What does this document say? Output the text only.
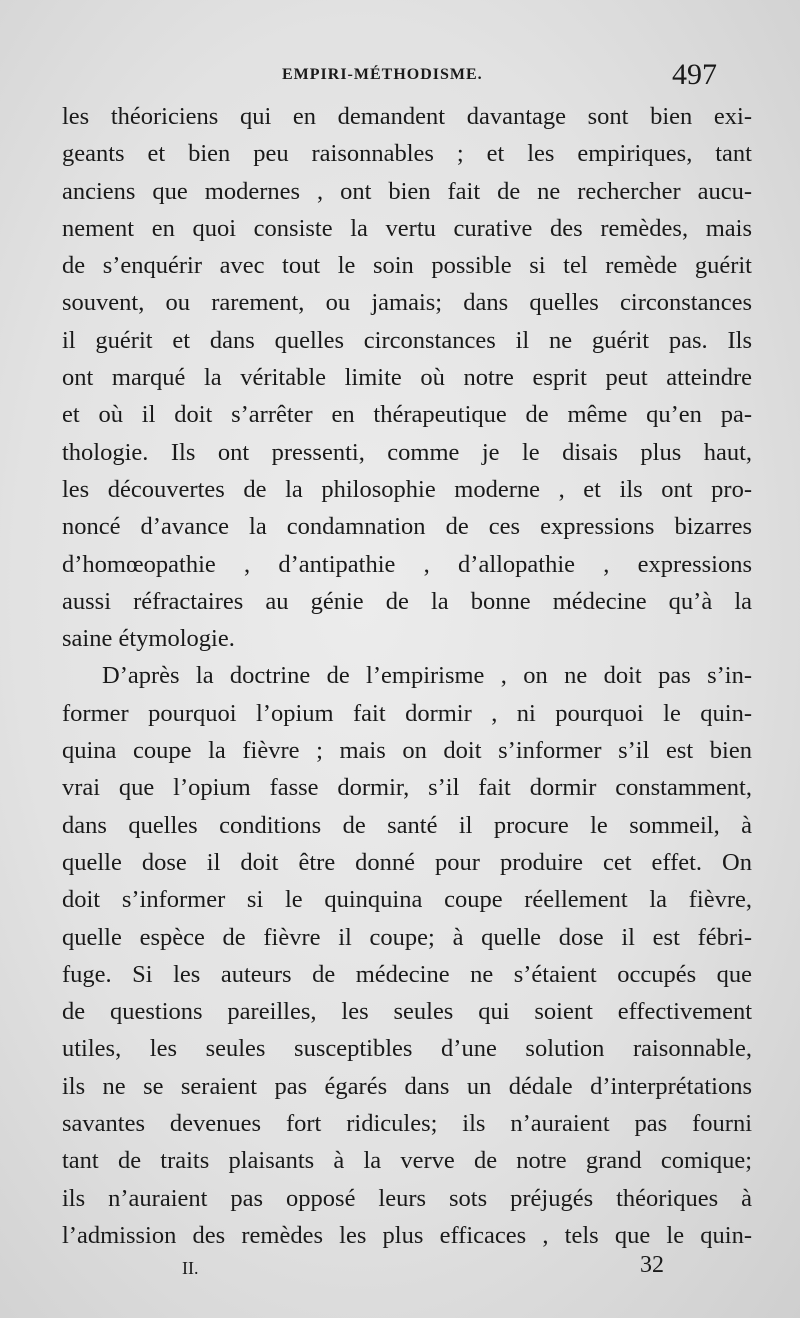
EMPIRI-MÉTHODISME.	497
les théoriciens qui en demandent davantage sont bien exi-
geants et bien peu raisonnables ; et les empiriques, tant
anciens que modernes , ont bien fait de ne rechercher aucu-
nement en quoi consiste la vertu curative des remèdes, mais
de s’enquérir avec tout le soin possible si tel remède guérit
souvent, ou rarement, ou jamais; dans quelles circonstances
il guérit et dans quelles circonstances il ne guérit pas. Ils
ont marqué la véritable limite où notre esprit peut atteindre
et où il doit s’arrêter en thérapeutique de même qu’en pa-
thologie. Ils ont pressenti, comme je le disais plus haut,
les découvertes de la philosophie moderne , et ils ont pro-
noncé d’avance la condamnation de ces expressions bizarres
d’homœopathie , d’antipathie , d’allopathie , expressions
aussi réfractaires au génie de la bonne médecine qu’à la
saine étymologie.
D’après la doctrine de l’empirisme , on ne doit pas s’in-
former pourquoi l’opium fait dormir , ni pourquoi le quin-
quina coupe la fièvre ; mais on doit s’informer s’il est bien
vrai que l’opium fasse dormir, s’il fait dormir constamment,
dans quelles conditions de santé il procure le sommeil, à
quelle dose il doit être donné pour produire cet effet. On
doit s’informer si le quinquina coupe réellement la fièvre,
quelle espèce de fièvre il coupe; à quelle dose il est fébri-
fuge. Si les auteurs de médecine ne s’étaient occupés que
de questions pareilles, les seules qui soient effectivement
utiles, les seules susceptibles d’une solution raisonnable,
ils ne se seraient pas égarés dans un dédale d’interprétations
savantes devenues fort ridicules; ils n’auraient pas fourni
tant de traits plaisants à la verve de notre grand comique;
ils n’auraient pas opposé leurs sots préjugés théoriques à
l’admission des remèdes les plus efficaces , tels que le quin-
II.	32
